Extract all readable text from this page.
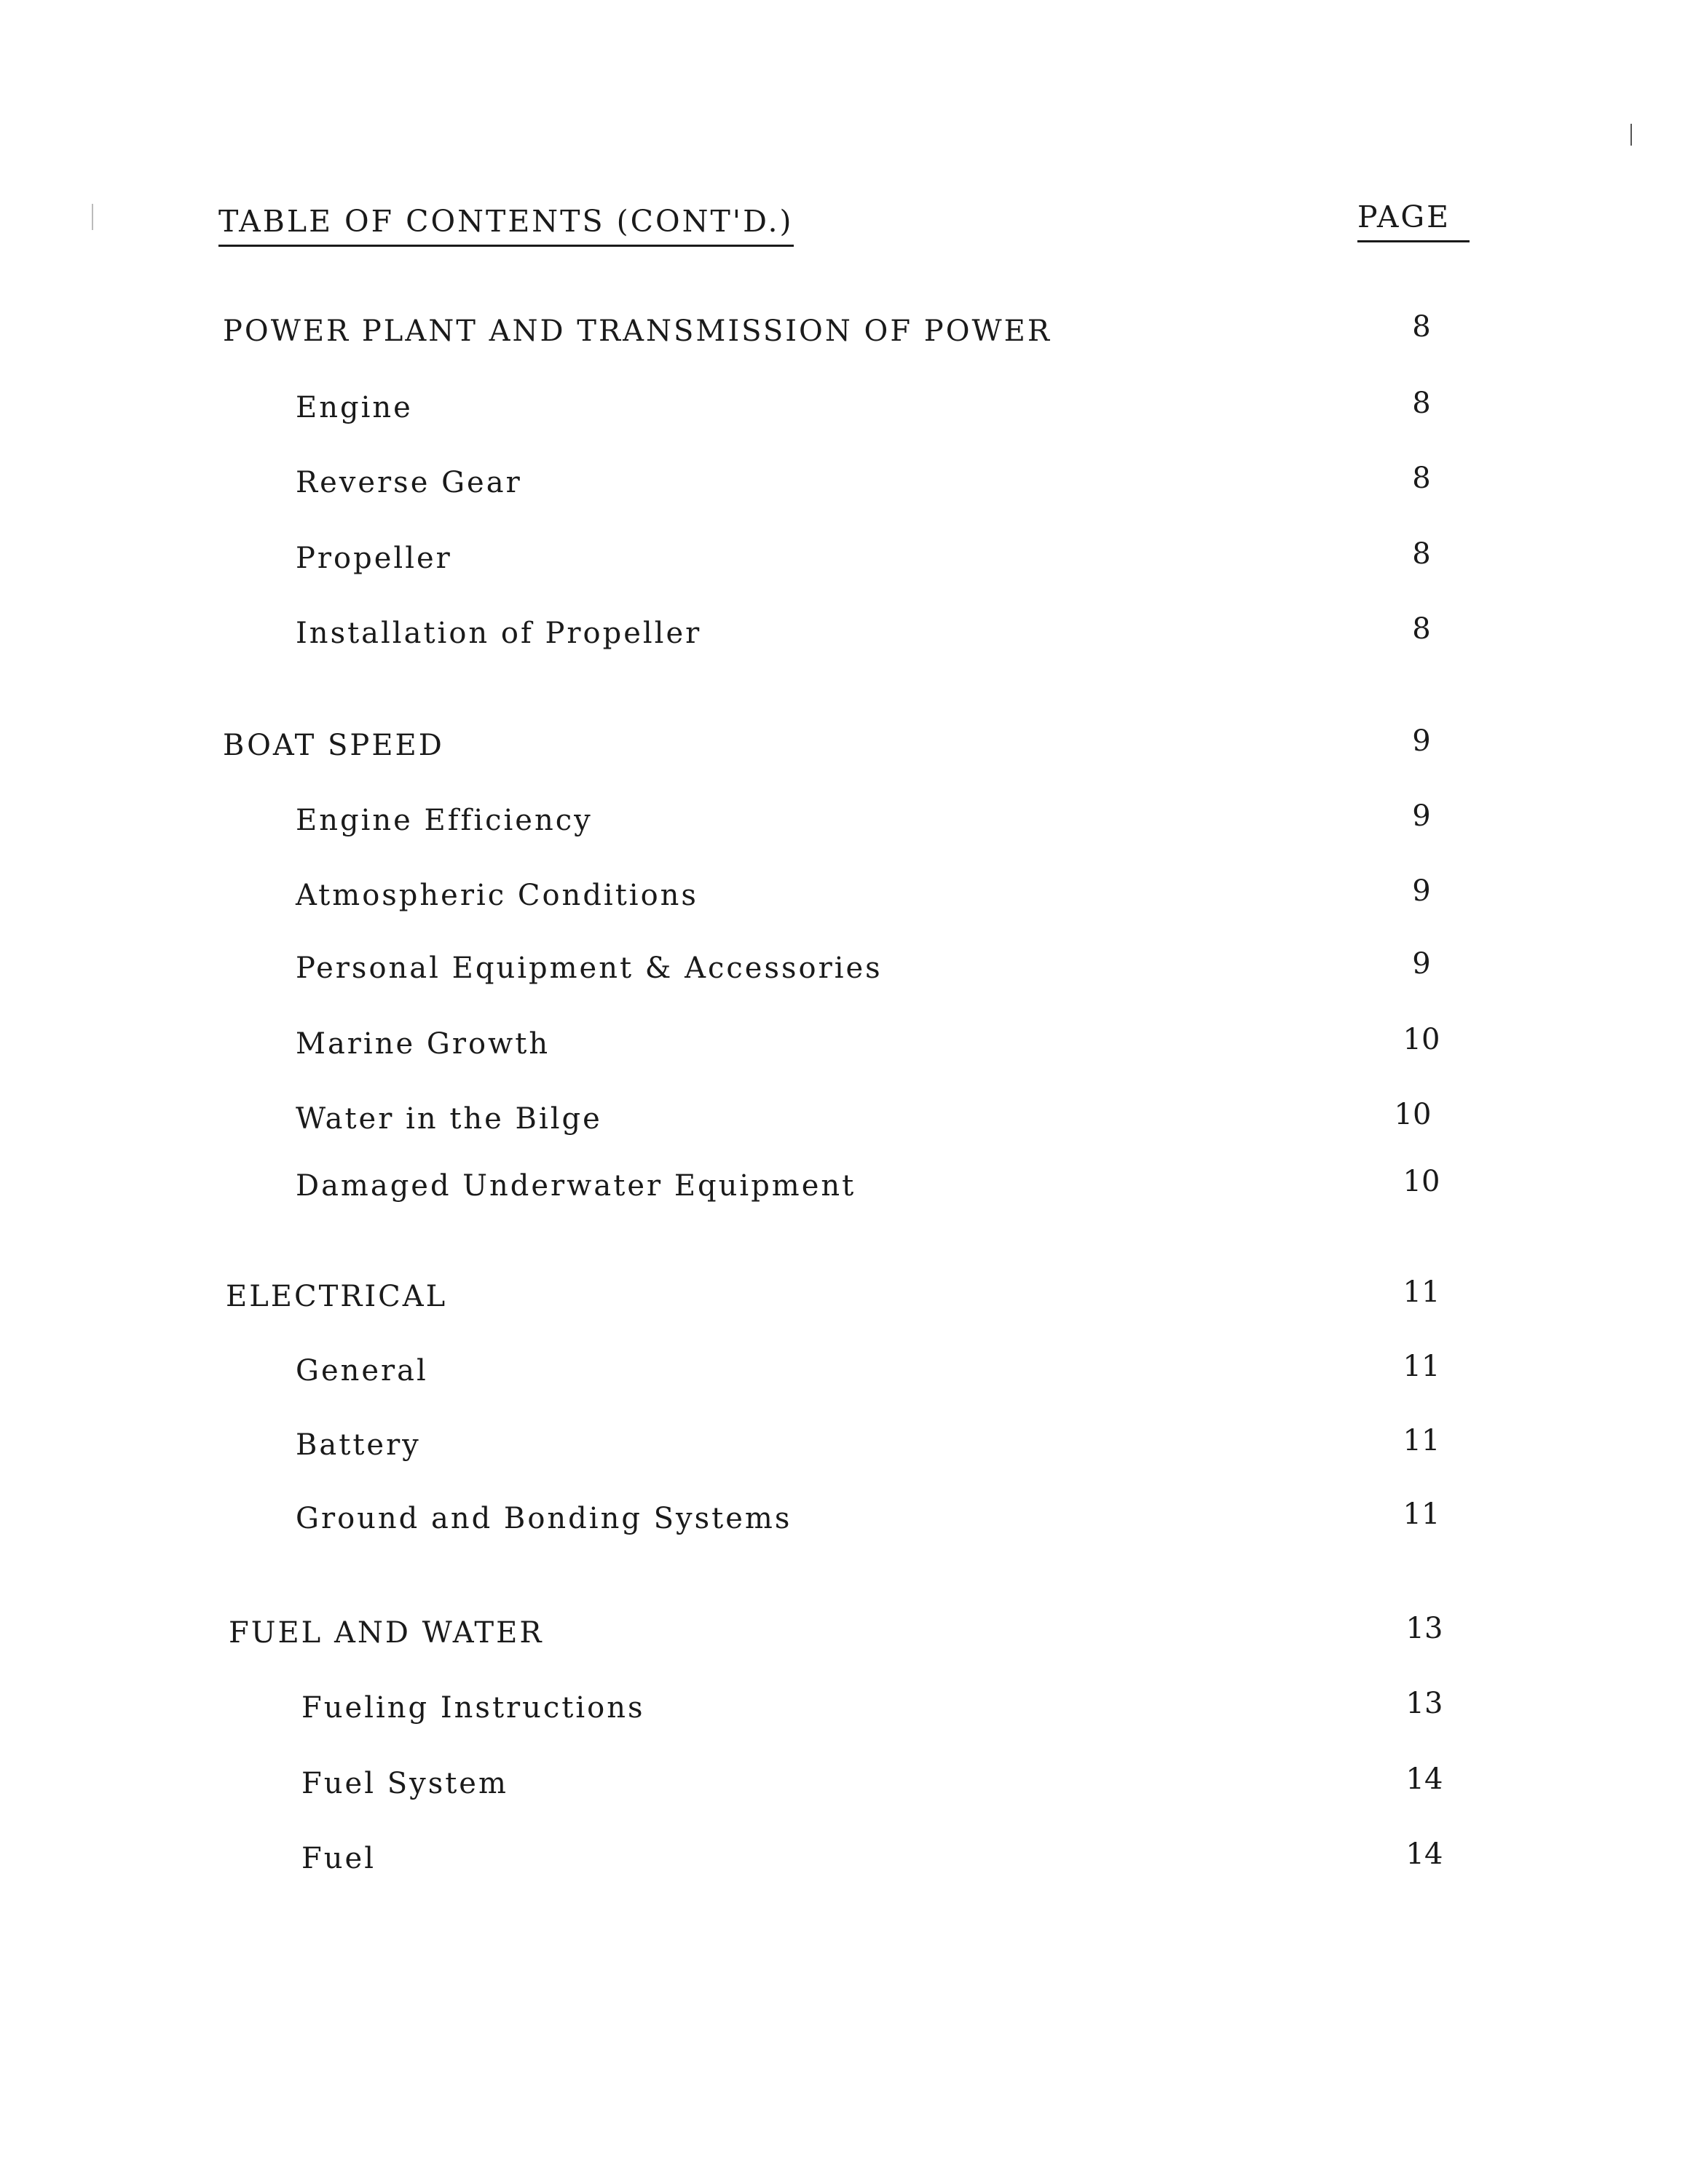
TABLE OF CONTENTS (CONT'D.)	PAGE
POWER PLANT AND TRANSMISSION OF POWER	8
Engine	8
Reverse Gear	8
Propeller	8
Installation of Propeller	8
BOAT SPEED	9
Engine Efficiency	9
Atmospheric Conditions	9
Personal Equipment & Accessories	9
Marine Growth	10
Water in the Bilge	10
Damaged Underwater Equipment	10
ELECTRICAL	11
General	11
Battery	11
Ground and Bonding Systems	11
FUEL AND WATER	13
Fueling Instructions	13
Fuel System	14
Fuel	14
